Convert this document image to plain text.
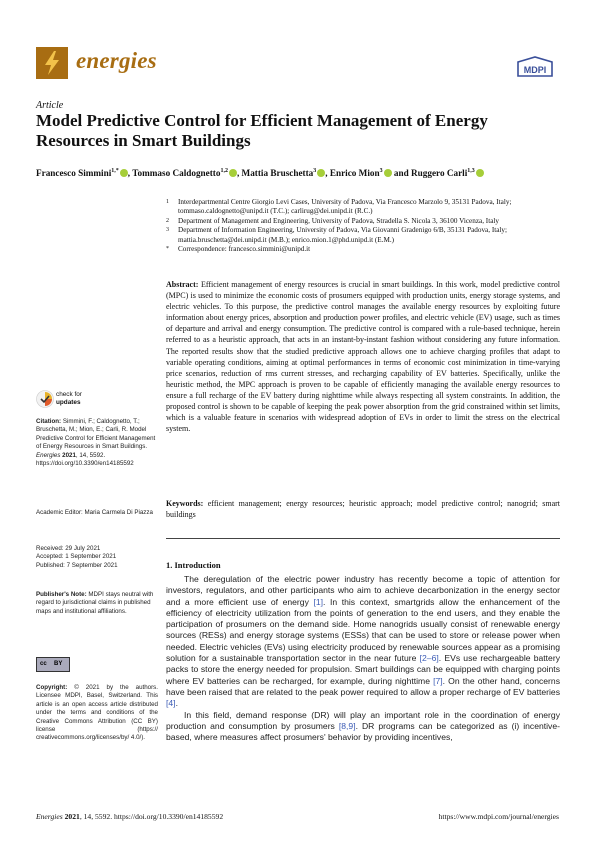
energies	MDPI
Article
Model Predictive Control for Efficient Management of Energy Resources in Smart Buildings
Francesco Simmini$^{1,*}$ , Tommaso Caldognetto$^{1,2}$ , Mattia Bruschetta$^3$ , Enrico Mion$^3$ and Ruggero Carli$^{1,3}$
1 Interdepartmental Centre Giorgio Levi Cases, University of Padova, Via Francesco Marzolo 9, 35131 Padova, Italy; tommaso.caldognetto@unipd.it (T.C.); carlirug@dei.unipd.it (R.C.)
2 Department of Management and Engineering, University of Padova, Stradella S. Nicola 3, 36100 Vicenza, Italy
3 Department of Information Engineering, University of Padova, Via Giovanni Gradenigo 6/B, 35131 Padova, Italy; mattia.bruschetta@dei.unipd.it (M.B.); enrico.mion.1@phd.unipd.it (E.M.)
* Correspondence: francesco.simmini@unipd.it
Abstract: Efficient management of energy resources is crucial in smart buildings. In this work, model predictive control (MPC) is used to minimize the economic costs of prosumers equipped with production units, energy storage systems, and electric vehicles. To this purpose, the predictive control manages the available energy resources by exploiting future information about energy prices, absorption and production power profiles, and electric vehicle (EV) usage, such as times of departure and arrival and energy consumption. The predictive control is compared with a rule-based technique, herein referred to as a heuristic approach, that acts in an instant-by-instant fashion without considering any future information. The reported results show that the studied predictive approach allows one to achieve charging profiles that adapt to variable operating conditions, aiming at optimal performances in terms of economic cost minimization in time-varying price scenarios, reduction of rms current stresses, and recharging capability of EV batteries. Specifically, unlike the heuristic method, the MPC approach is proven to be capable of efficiently managing the available energy resources to ensure a full recharge of the EV battery during nighttime while always respecting all system constraints. In addition, the proposed control is shown to be capable of keeping the peak power absorption from the grid constrained within set limits, which is a valuable feature in scenarios with widespread adoption of EVs in order to limit the stress on the electrical system.
Keywords: efficient management; energy resources; heuristic approach; model predictive control; nanogrid; smart buildings
1. Introduction

The deregulation of the electric power industry has recently become a topic of attention for investors, regulators, and other participants who aim to achieve decarbonization in the energy sector and a more efficient use of energy [1]. In this context, smartgrids allow the enhancement of the efficiency of electricity utilization from the points of generation to the end users, and they enable the participation of prosumers on the demand side. Home nanogrids usually consist of renewable energy sources (RESs) and energy storage systems (ESSs) that can be used to store or release power when needed. Electric vehicles (EVs) using electricity produced by renewable sources appear as a promising solution for a sustainable transportation sector in the near future [2–6]. EVs use rechargeable battery packs to store the energy needed for propulsion. Smart buildings can be equipped with charging points where EV batteries can be recharged, for example, during nighttime [7]. On the other hand, concerns have been raised that are related to the peak power required to allow a proper recharge of EV batteries [4].

In this field, demand response (DR) will play an important role in the coordination of energy production and consumption by prosumers [8,9]. DR programs can be categorized as (i) incentive-based, where measures affect prosumers' behavior by providing incentives,

check for
updates
Citation: Simmini, F.; Caldognetto, T.; Bruschetta, M.; Mion, E.; Carli, R. Model Predictive Control for Efficient Management of Energy Resources in Smart Buildings. Energies 2021, 14, 5592. https://doi.org/10.3390/en14185592
Academic Editor: Maria Carmela Di Piazza
Received: 29 July 2021
Accepted: 1 September 2021
Published: 7 September 2021
Publisher's Note: MDPI stays neutral with regard to jurisdictional claims in published maps and institutional affiliations.
cc BY
Copyright: © 2021 by the authors. Licensee MDPI, Basel, Switzerland. This article is an open access article distributed under the terms and conditions of the Creative Commons Attribution (CC BY) license (https:// creativecommons.org/licenses/by/ 4.0/).
Energies 2021, 14, 5592. https://doi.org/10.3390/en14185592	https://www.mdpi.com/journal/energies
